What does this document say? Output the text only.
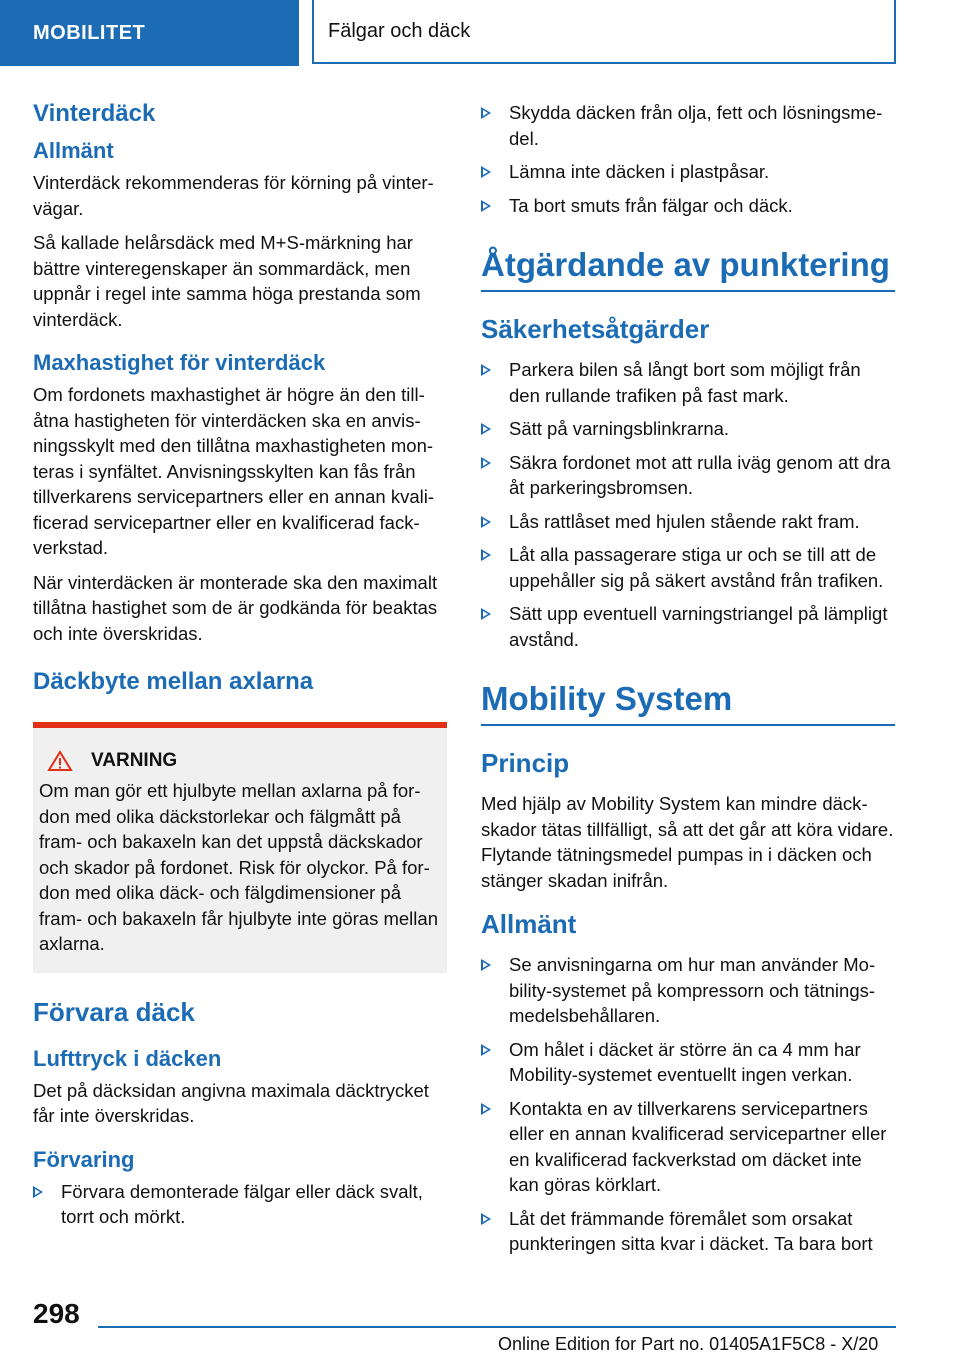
MOBILITET	Fälgar och däck
Vinterdäck
Allmänt

Vinterdäck rekommenderas för körning på vintervägar.

Så kallade helårsdäck med M+S-märkning har bättre vinteregenskaper än sommardäck, men uppnår i regel inte samma höga prestanda som vinterdäck.

Maxhastighet för vinterdäck

Om fordonets maxhastighet är högre än den tillåtna hastigheten för vinterdäcken ska en anvisningsskylt med den tillåtna maxhastigheten monteras i synfältet. Anvisningsskylten kan fås från tillverkarens servicepartners eller en annan kvalificerad servicepartner eller en kvalificerad fackverkstad.

När vinterdäcken är monterade ska den maximalt tillåtna hastighet som de är godkända för beaktas och inte överskridas.

Däckbyte mellan axlarna
VARNING

Om man gör ett hjulbyte mellan axlarna på fordon med olika däckstorlekar och fälgmått på fram- och bakaxeln kan det uppstå däckskador och skador på fordonet. Risk för olyckor. På fordon med olika däck- och fälgdimensioner på fram- och bakaxeln får hjulbyte inte göras mellan axlarna.

Förvara däck
Lufttryck i däcken

Det på däcksidan angivna maximala däcktrycket får inte överskridas.

Förvaring
Förvara demonterade fälgar eller däck svalt, torrt och mörkt.
Skydda däcken från olja, fett och lösningsmedel.
Lämna inte däcken i plastpåsar.
Ta bort smuts från fälgar och däck.
Åtgärdande av punktering
Säkerhetsåtgärder
Parkera bilen så långt bort som möjligt från den rullande trafiken på fast mark.
Sätt på varningsblinkrarna.
Säkra fordonet mot att rulla iväg genom att dra åt parkeringsbromsen.
Lås rattlåset med hjulen stående rakt fram.
Låt alla passagerare stiga ur och se till att de uppehåller sig på säkert avstånd från trafiken.
Sätt upp eventuell varningstriangel på lämpligt avstånd.
Mobility System
Princip

Med hjälp av Mobility System kan mindre däckskador tätas tillfälligt, så att det går att köra vidare. Flytande tätningsmedel pumpas in i däcken och stänger skadan inifrån.

Allmänt
Se anvisningarna om hur man använder Mobility-systemet på kompressorn och tätningsmedelsbehållaren.
Om hålet i däcket är större än ca 4 mm har Mobility-systemet eventuellt ingen verkan.
Kontakta en av tillverkarens servicepartners eller en annan kvalificerad servicepartner eller en kvalificerad fackverkstad om däcket inte kan göras körklart.
Låt det främmande föremålet som orsakat punkteringen sitta kvar i däcket. Ta bara bort
298
Online Edition for Part no. 01405A1F5C8 - X/20
